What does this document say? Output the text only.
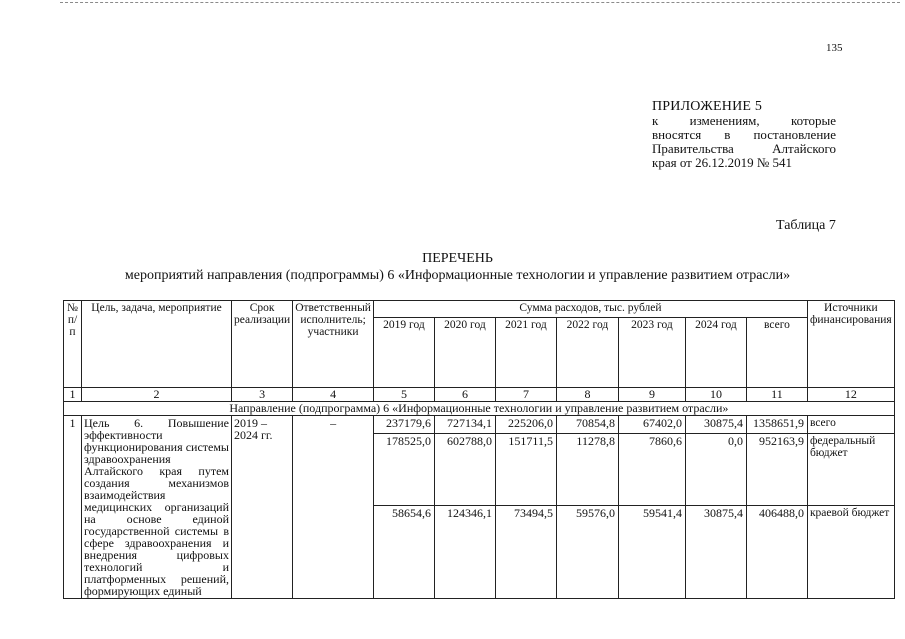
135
ПРИЛОЖЕНИЕ 5
к изменениям, которые
вносятся в постановление
Правительства Алтайского
края от 26.12.2019 № 541
Таблица 7
ПЕРЕЧЕНЬ
мероприятий направления (подпрограммы) 6 «Информационные технологии и управление развитием отрасли»
№ п/п	Цель, задача, мероприятие	Срок реализации	Ответственный исполнитель; участники	Сумма расходов, тыс. рублей							Источники финансирования
				2019 год	2020 год	2021 год	2022 год	2023 год	2024 год	всего	
1	2	3	4	5	6	7	8	9	10	11	12
Направление (подпрограмма) 6 «Информационные технологии и управление развитием отрасли»											
1	Цель 6. Повышение эффективности функционирования системы здравоохранения Алтайского края путем создания механизмов взаимодействия медицинских организаций на основе единой государственной системы в сфере здравоохранения и внедрения цифровых технологий и платформенных решений, формирующих единый	2019 – 2024 гг.	–	237179,6	727134,1	225206,0	70854,8	67402,0	30875,4	1358651,9	всего
				178525,0	602788,0	151711,5	11278,8	7860,6	0,0	952163,9	федеральный бюджет
				58654,6	124346,1	73494,5	59576,0	59541,4	30875,4	406488,0	краевой бюджет
